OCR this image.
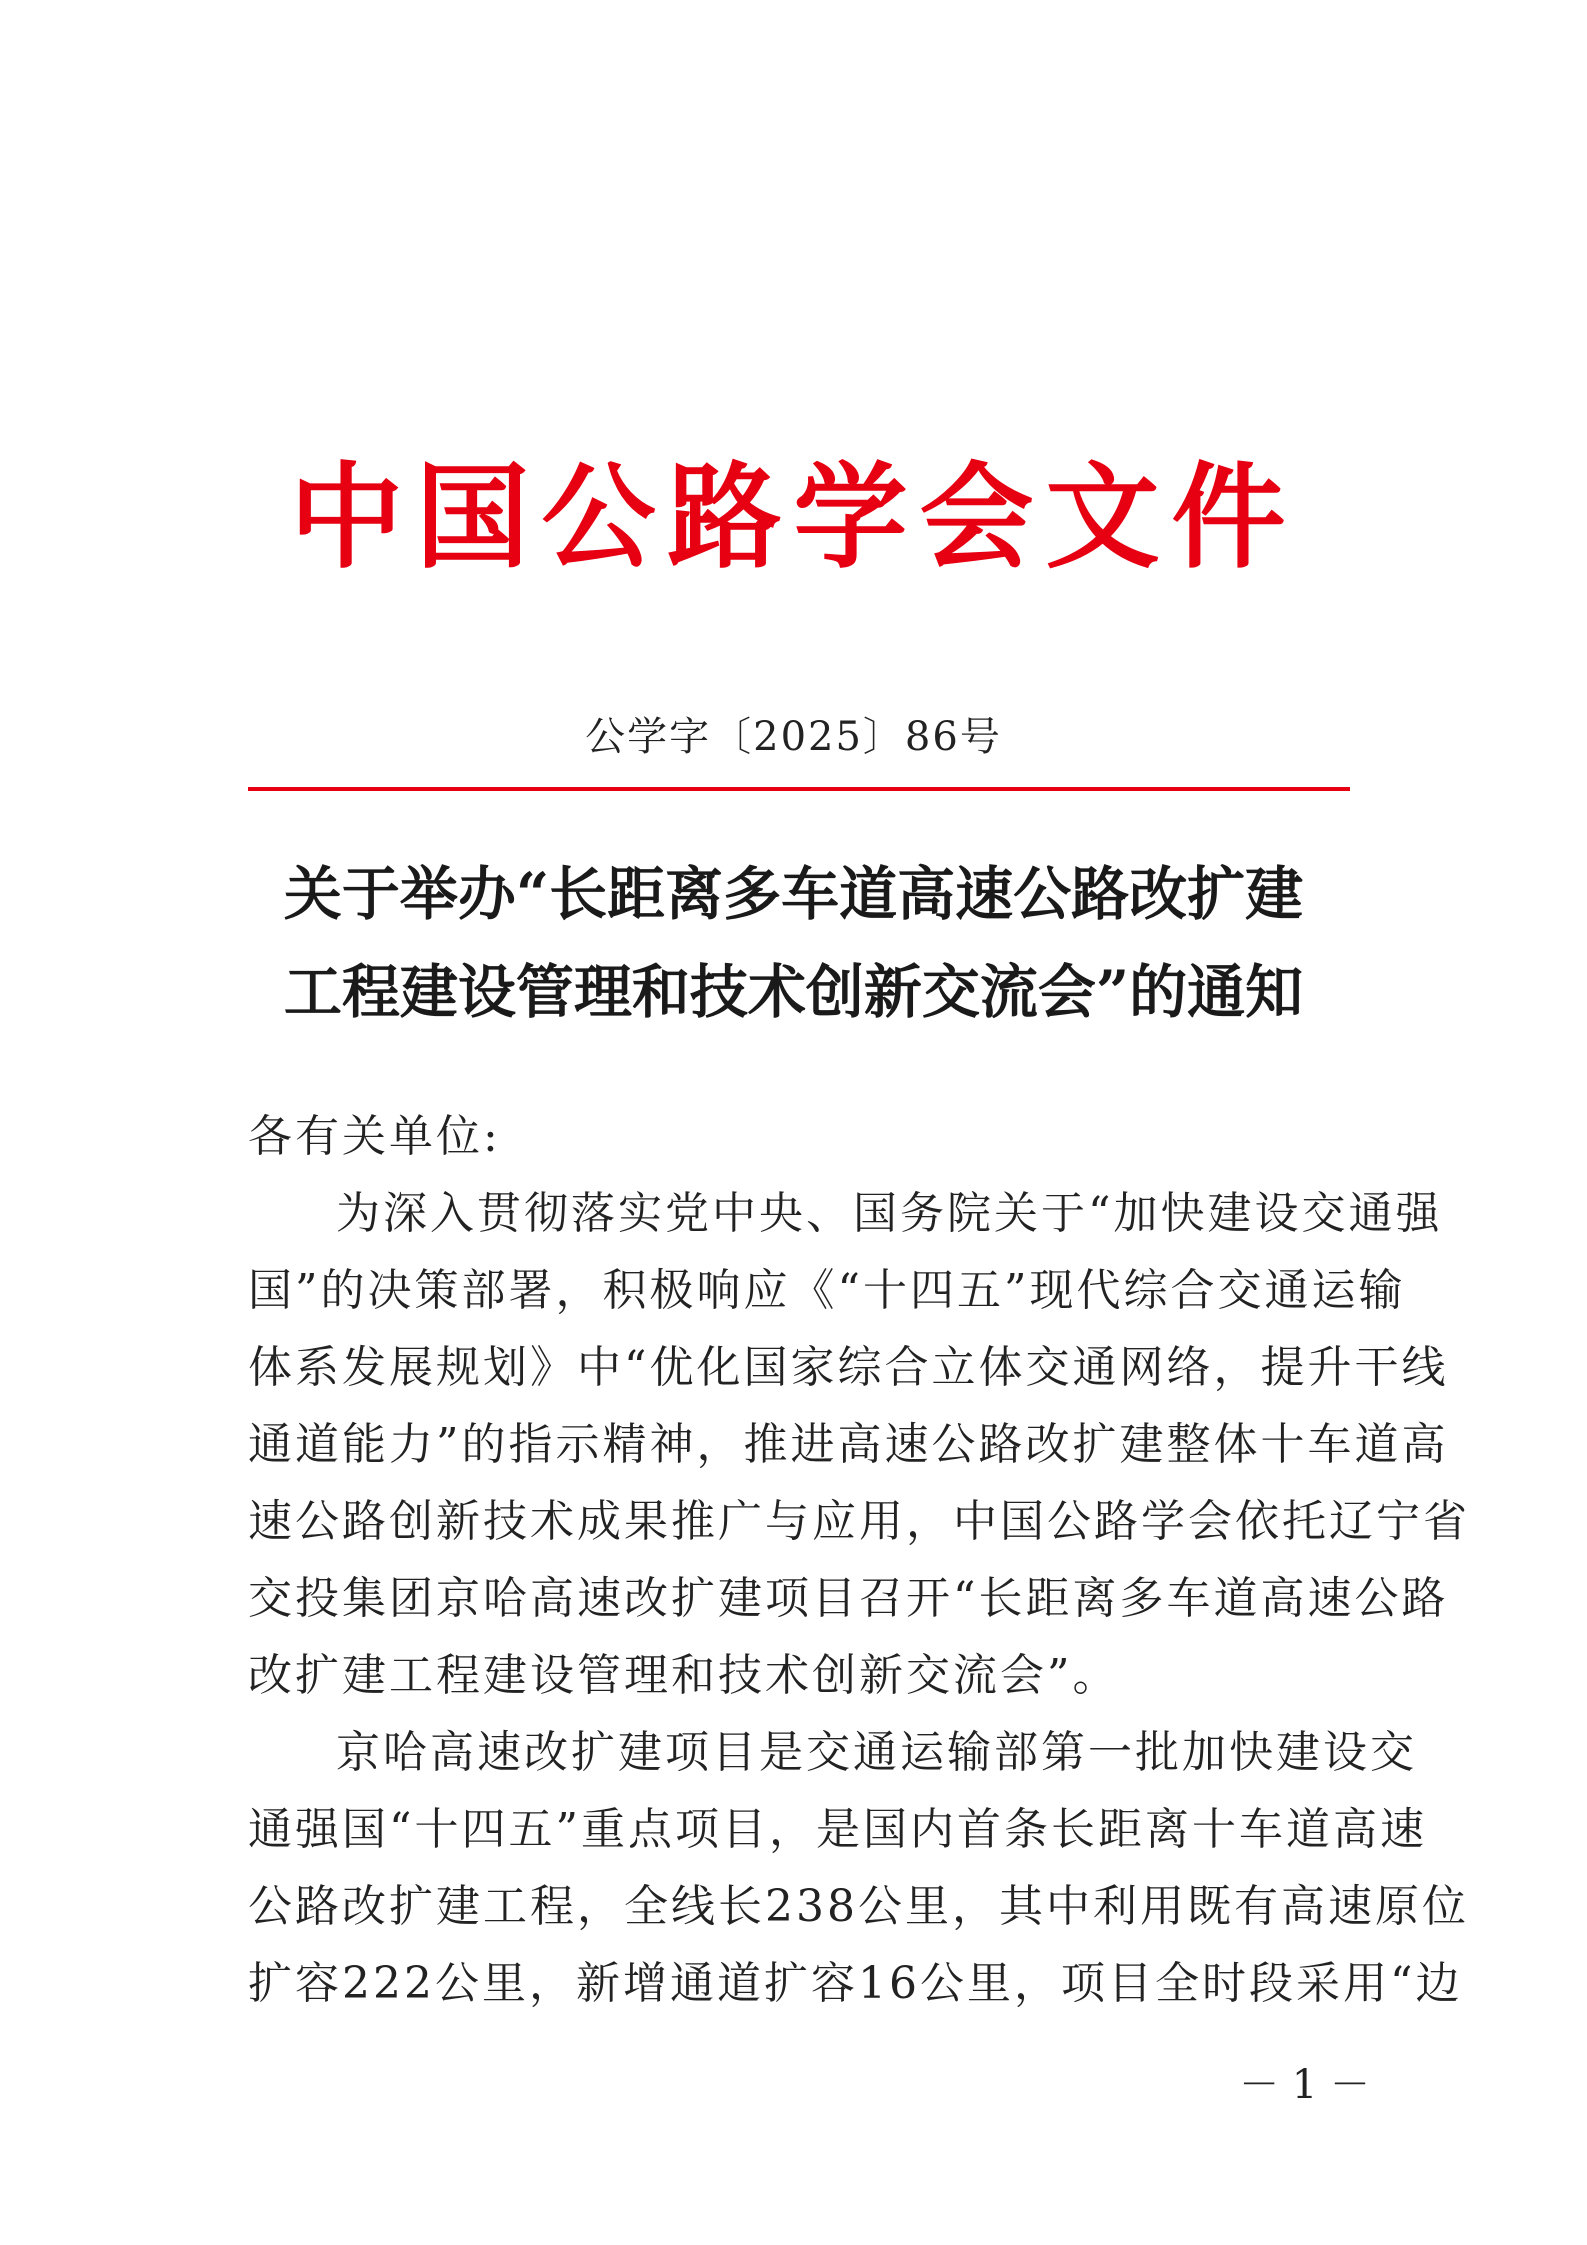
中国公路学会文件
公学字〔2025〕86号
关于举办“长距离多车道高速公路改扩建
工程建设管理和技术创新交流会”的通知
各有关单位:
为深入贯彻落实党中央、国务院关于“加快建设交通强
国”的决策部署，积极响应《“十四五”现代综合交通运输
体系发展规划》中“优化国家综合立体交通网络，提升干线
通道能力”的指示精神，推进高速公路改扩建整体十车道高
速公路创新技术成果推广与应用，中国公路学会依托辽宁省
交投集团京哈高速改扩建项目召开“长距离多车道高速公路
改扩建工程建设管理和技术创新交流会”。
京哈高速改扩建项目是交通运输部第一批加快建设交
通强国“十四五”重点项目，是国内首条长距离十车道高速
公路改扩建工程，全线长238公里，其中利用既有高速原位
扩容222公里，新增通道扩容16公里，项目全时段采用“边
－ 1 －
